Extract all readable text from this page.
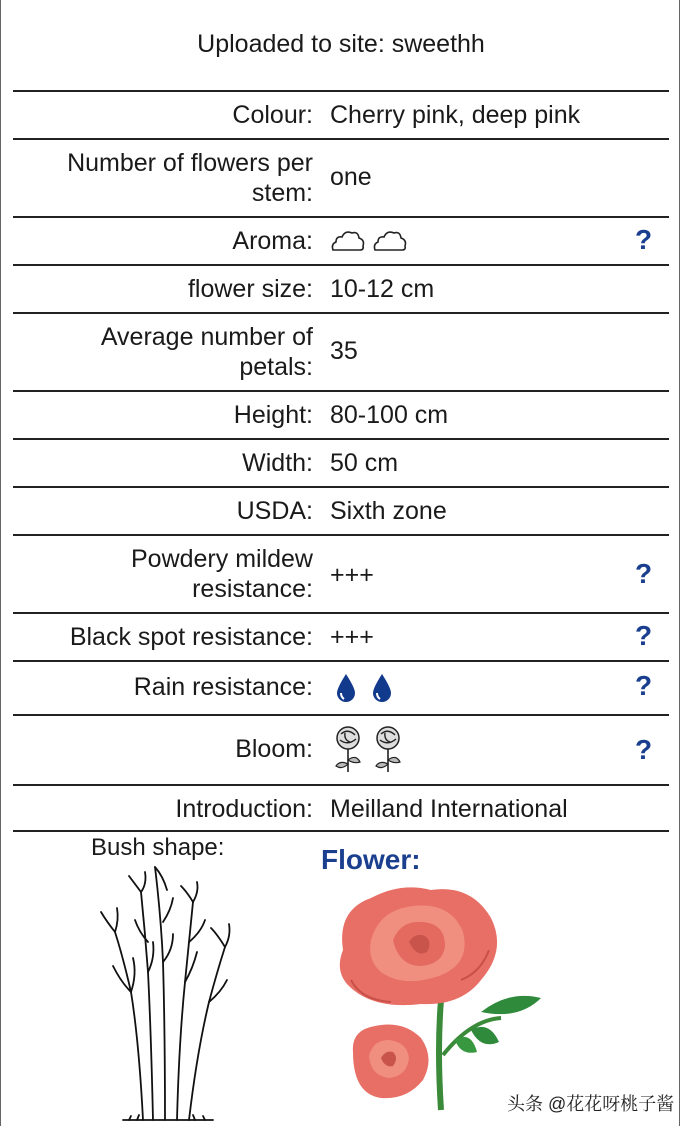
Uploaded to site: sweethh
Colour: Cherry pink, deep pink
Number of flowers per
stem:
one
Aroma:	?
flower size: 10-12 cm
Average number of
petals:
35
Height: 80-100 cm
Width: 50 cm
USDA: Sixth zone
Powdery mildew
resistance: +++	?
Black spot resistance: +++	?
Rain resistance:	?
Bloom:	?
Introduction: Meilland International
Bush shape:	Flower:
头条 @花花呀桃子酱
